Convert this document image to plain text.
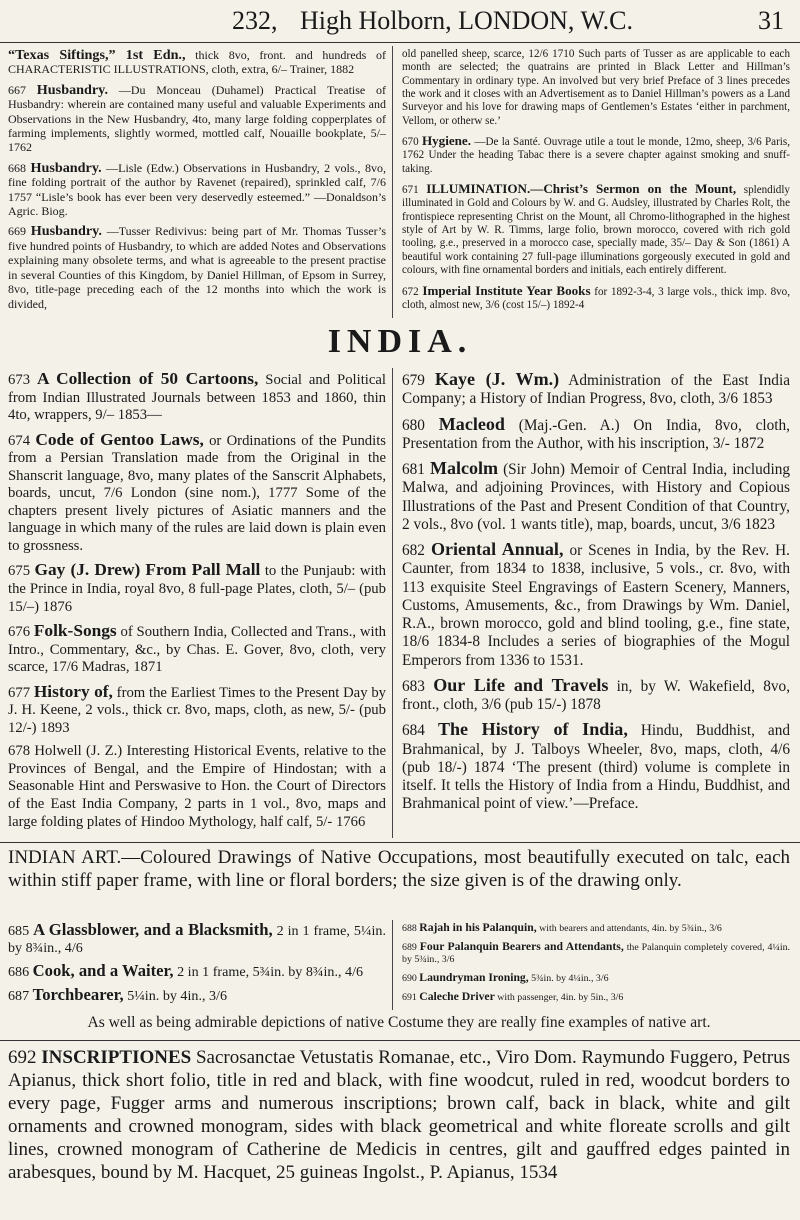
232, High Holborn, LONDON, W.C.	31

“Texas Siftings,” 1st Edn., thick 8vo, front. and hundreds of CHARACTERISTIC ILLUSTRATIONS, cloth, extra, 6/– Trainer, 1882

667 Husbandry. —Du Monceau (Duhamel) Practical Treatise of Husbandry: wherein are contained many useful and valuable Experiments and Observations in the New Husbandry, 4to, many large folding copperplates of farming implements, slightly wormed, mottled calf, Nouaille bookplate, 5/– 1762

668 Husbandry. —Lisle (Edw.) Observations in Husbandry, 2 vols., 8vo, fine folding portrait of the author by Ravenet (repaired), sprinkled calf, 7/6 1757 “Lisle’s book has ever been very deservedly esteemed.” —Donaldson’s Agric. Biog.

669 Husbandry. —Tusser Redivivus: being part of Mr. Thomas Tusser’s five hundred points of Husbandry, to which are added Notes and Observations explaining many obsolete terms, and what is agreeable to the present practise in several Counties of this Kingdom, by Daniel Hillman, of Epsom in Surrey, 8vo, title-page preceding each of the 12 months into which the work is divided,

old panelled sheep, scarce, 12/6 1710 Such parts of Tusser as are applicable to each month are selected; the quatrains are printed in Black Letter and Hillman’s Commentary in ordinary type. An involved but very brief Preface of 3 lines precedes the work and it closes with an Advertisement as to Daniel Hillman’s powers as a Land Surveyor and his love for drawing maps of Gentlemen’s Estates ‘either in parchment, Vellom, or otherw se.’

670 Hygiene. —De la Santé. Ouvrage utile a tout le monde, 12mo, sheep, 3/6 Paris, 1762 Under the heading Tabac there is a severe chapter against smoking and snuff-taking.

671 ILLUMINATION.—Christ’s Sermon on the Mount, splendidly illuminated in Gold and Colours by W. and G. Audsley, illustrated by Charles Rolt, the frontispiece representing Christ on the Mount, all Chromo-lithographed in the highest style of Art by W. R. Timms, large folio, brown morocco, covered with rich gold tooling, g.e., preserved in a morocco case, specially made, 35/– Day & Son (1861) A beautiful work containing 27 full-page illuminations gorgeously executed in gold and colours, with fine ornamental borders and initials, each entirely different.

672 Imperial Institute Year Books for 1892-3-4, 3 large vols., thick imp. 8vo, cloth, almost new, 3/6 (cost 15/–) 1892-4

INDIA.

673 A Collection of 50 Cartoons, Social and Political from Indian Illustrated Journals between 1853 and 1860, thin 4to, wrappers, 9/– 1853—

674 Code of Gentoo Laws, or Ordinations of the Pundits from a Persian Translation made from the Original in the Shanscrit language, 8vo, many plates of the Sanscrit Alphabets, boards, uncut, 7/6 London (sine nom.), 1777 Some of the chapters present lively pictures of Asiatic manners and the language in which many of the rules are laid down is plain even to grossness.

675 Gay (J. Drew) From Pall Mall to the Punjaub: with the Prince in India, royal 8vo, 8 full-page Plates, cloth, 5/– (pub 15/–) 1876

676 Folk-Songs of Southern India, Collected and Trans., with Intro., Commentary, &c., by Chas. E. Gover, 8vo, cloth, very scarce, 17/6 Madras, 1871

677 History of, from the Earliest Times to the Present Day by J. H. Keene, 2 vols., thick cr. 8vo, maps, cloth, as new, 5/- (pub 12/-) 1893

678 Holwell (J. Z.) Interesting Historical Events, relative to the Provinces of Bengal, and the Empire of Hindostan; with a Seasonable Hint and Perswasive to Hon. the Court of Directors of the East India Company, 2 parts in 1 vol., 8vo, maps and large folding plates of Hindoo Mythology, half calf, 5/- 1766

679 Kaye (J. Wm.) Administration of the East India Company; a History of Indian Progress, 8vo, cloth, 3/6 1853

680 Macleod (Maj.-Gen. A.) On India, 8vo, cloth, Presentation from the Author, with his inscription, 3/- 1872

681 Malcolm (Sir John) Memoir of Central India, including Malwa, and adjoining Provinces, with History and Copious Illustrations of the Past and Present Condition of that Country, 2 vols., 8vo (vol. 1 wants title), map, boards, uncut, 3/6 1823

682 Oriental Annual, or Scenes in India, by the Rev. H. Caunter, from 1834 to 1838, inclusive, 5 vols., cr. 8vo, with 113 exquisite Steel Engravings of Eastern Scenery, Manners, Customs, Amusements, &c., from Drawings by Wm. Daniel, R.A., brown morocco, gold and blind tooling, g.e., fine state, 18/6 1834-8 Includes a series of biographies of the Mogul Emperors from 1336 to 1531.

683 Our Life and Travels in, by W. Wakefield, 8vo, front., cloth, 3/6 (pub 15/-) 1878

684 The History of India, Hindu, Buddhist, and Brahmanical, by J. Talboys Wheeler, 8vo, maps, cloth, 4/6 (pub 18/-) 1874 ‘The present (third) volume is complete in itself. It tells the History of India from a Hindu, Buddhist, and Brahmanical point of view.’—Preface.

INDIAN ART.—Coloured Drawings of Native Occupations, most beautifully executed on talc, each within stiff paper frame, with line or floral borders; the size given is of the drawing only.

685 A Glassblower, and a Blacksmith, 2 in 1 frame, 5¼in. by 8¾in., 4/6

686 Cook, and a Waiter, 2 in 1 frame, 5¾in. by 8¾in., 4/6

687 Torchbearer, 5¼in. by 4in., 3/6

688 Rajah in his Palanquin, with bearers and attendants, 4in. by 5¾in., 3/6

689 Four Palanquin Bearers and Attendants, the Palanquin completely covered, 4¼in. by 5¾in., 3/6

690 Laundryman Ironing, 5¾in. by 4¼in., 3/6

691 Caleche Driver with passenger, 4in. by 5in., 3/6

As well as being admirable depictions of native Costume they are really fine examples of native art.
692 INSCRIPTIONES Sacrosanctae Vetustatis Romanae, etc., Viro Dom. Raymundo Fuggero, Petrus Apianus, thick short folio, title in red and black, with fine woodcut, ruled in red, woodcut borders to every page, Fugger arms and numerous inscriptions; brown calf, back in black, white and gilt ornaments and crowned monogram, sides with black geometrical and white floreate scrolls and gilt lines, crowned monogram of Catherine de Medicis in centres, gilt and gauffred edges painted in arabesques, bound by M. Hacquet, 25 guineas Ingolst., P. Apianus, 1534
